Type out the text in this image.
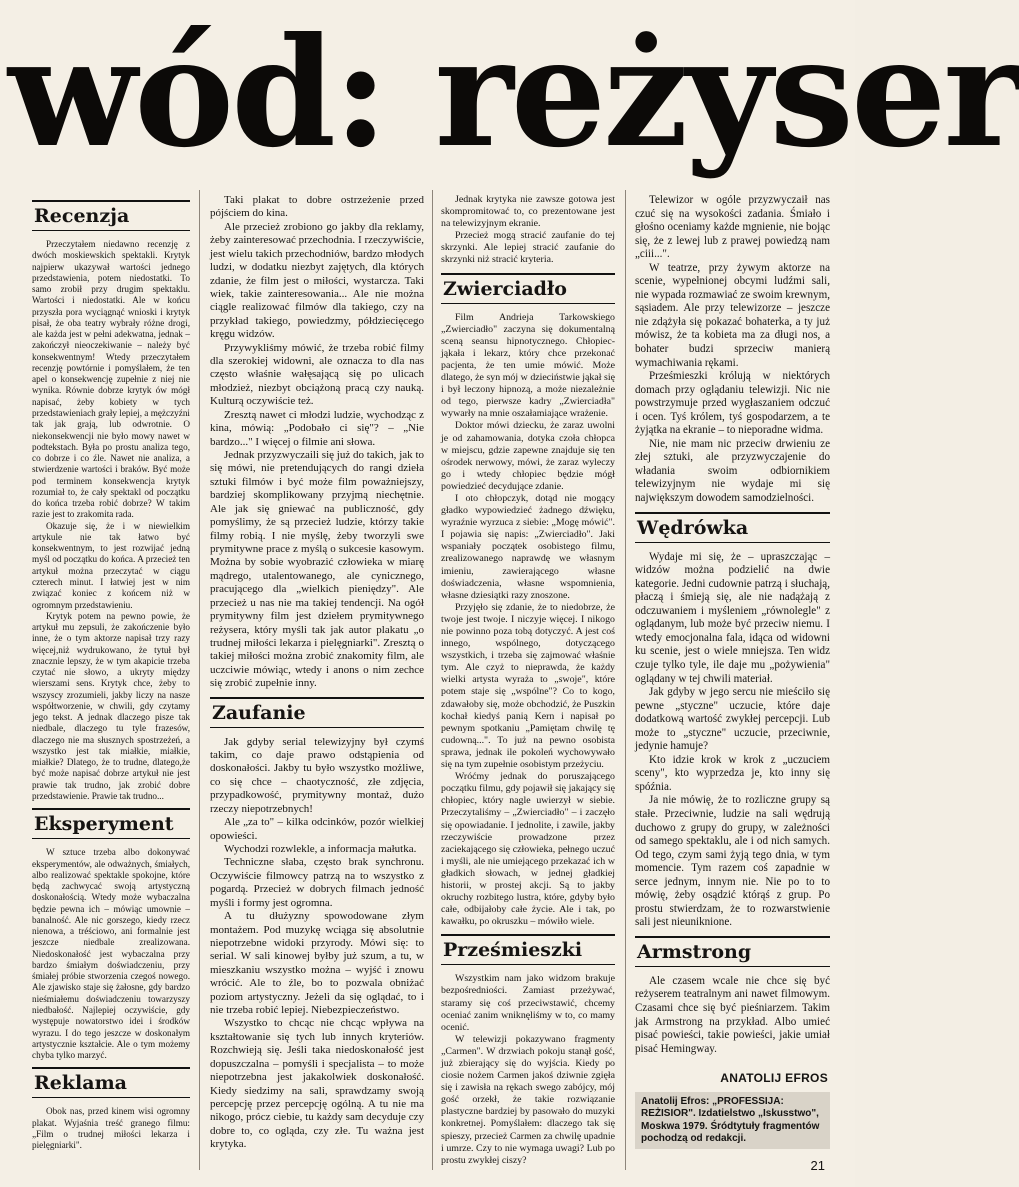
wód: reżyser
Recenzja

Przeczytałem niedawno recenzję z dwóch moskiewskich spektakli. Krytyk najpierw ukazywał wartości jednego przedstawienia, potem niedostatki. To samo zrobił przy drugim spektaklu. Wartości i niedostatki. Ale w końcu przyszła pora wyciągnąć wnioski i krytyk pisał, że oba teatry wybrały różne drogi, ale każda jest w pełni adekwatna, jednak – zakończył nieoczekiwanie – należy być konsekwentnym! Wtedy przeczytałem recenzję powtórnie i pomyślałem, że ten apel o konsekwencję zupełnie z niej nie wynika. Równie dobrze krytyk ów mógł napisać, żeby kobiety w tych przedstawieniach grały lepiej, a mężczyźni tak jak grają, lub odwrotnie. O niekonsekwencji nie było mowy nawet w podtekstach. Była po prostu analiza tego, co dobrze i co źle. Nawet nie analiza, a stwierdzenie wartości i braków. Być może pod terminem konsekwencja krytyk rozumiał to, że cały spektakl od początku do końca trzeba robić dobrze? W takim razie jest to zrakomita rada.

Okazuje się, że i w niewielkim artykule nie tak łatwo być konsekwentnym, to jest rozwijać jedną myśl od początku do końca. A przecież ten artykuł można przeczytać w ciągu czterech minut. I łatwiej jest w nim związać koniec z końcem niż w ogromnym przedstawieniu.

Krytyk potem na pewno powie, że artykuł mu zepsuli, że zakończenie było inne, że o tym aktorze napisał trzy razy więcej,niż wydrukowano, że tytuł był znacznie lepszy, że w tym akapicie trzeba czytać nie słowo, a ukryty między wierszami sens. Krytyk chce, żeby to wszyscy zrozumieli, jakby liczy na nasze współtworzenie, w chwili, gdy czytamy jego tekst. A jednak dlaczego pisze tak niedbale, dlaczego tu tyle frazesów, dlaczego nie ma słusznych spostrzeżeń, a wszystko jest tak miałkie, miałkie, miałkie? Dlatego, że to trudne, dlatego,że być może napisać dobrze artykuł nie jest prawie tak trudno, jak zrobić dobre przedstawienie. Prawie tak trudno...

Eksperyment

W sztuce trzeba albo dokonywać eksperymentów, ale odważnych, śmiałych, albo realizować spektakle spokojne, które będą zachwycać swoją artystyczną doskonałością. Wtedy może wybaczalna będzie pewna ich – mówiąc umownie – banalność. Ale nic gorszego, kiedy rzecz nienowa, a tréściowo, ani formalnie jest jeszcze niedbale zrealizowana. Niedoskonałość jest wybaczalna przy bardzo śmiałym doświadczeniu, przy śmiałej próbie stworzenia czegoś nowego. Ale zjawisko staje się żałosne, gdy bardzo nieśmiałemu doświadczeniu towarzyszy niedbałość. Najlepiej oczywiście, gdy występuje nowatorstwo idei i środków wyrazu. I do tego jeszcze w doskonałym artystycznie kształcie. Ale o tym możemy chyba tylko marzyć.

Reklama

Obok nas, przed kinem wisi ogromny plakat. Wyjaśnia treść granego filmu: „Film o trudnej miłości lekarza i pielęgniarki".

Taki plakat to dobre ostrzeżenie przed pójściem do kina.

Ale przecież zrobiono go jakby dla reklamy, żeby zainteresować przechodnia. I rzeczywiście, jest wielu takich przechodniów, bardzo młodych ludzi, w dodatku niezbyt zajętych, dla których zdanie, że film jest o miłości, wystarcza. Taki wiek, takie zainteresowania... Ale nie można ciągle realizować filmów dla takiego, czy na przykład takiego, powiedzmy, półdziecięcego kręgu widzów.

Przywykliśmy mówić, że trzeba robić filmy dla szerokiej widowni, ale oznacza to dla nas często właśnie wałęsającą się po ulicach młodzież, niezbyt obciążoną pracą czy nauką. Kulturą oczywiście też.

Zresztą nawet ci młodzi ludzie, wychodząc z kina, mówią: „Podobało ci się"? – „Nie bardzo..." I więcej o filmie ani słowa.

Jednak przyzwyczaili się już do takich, jak to się mówi, nie pretendujących do rangi dzieła sztuki filmów i być może film poważniejszy, bardziej skomplikowany przyjmą niechętnie. Ale jak się gniewać na publiczność, gdy pomyślimy, że są przecież ludzie, którzy takie filmy robią. I nie myślę, żeby tworzyli swe prymitywne prace z myślą o sukcesie kasowym. Można by sobie wyobrazić człowieka w miarę mądrego, utalentowanego, ale cynicznego, pracującego dla „wielkich pieniędzy". Ale przecież u nas nie ma takiej tendencji. Na ogół prymitywny film jest dziełem prymitywnego reżysera, który myśli tak jak autor plakatu „o trudnej miłości lekarza i pielęgniarki". Zresztą o takiej miłości można zrobić znakomity film, ale uczciwie mówiąc, wtedy i anons o nim zechce się zrobić zupełnie inny.

Zaufanie

Jak gdyby serial telewizyjny był czymś takim, co daje prawo odstąpienia od doskonałości. Jakby tu było wszystko możliwe, co się chce – chaotyczność, złe zdjęcia, przypadkowość, prymitywny montaż, dużo rzeczy niepotrzebnych!

Ale „za to" – kilka odcinków, pozór wielkiej opowieści.

Wychodzi rozwlekle, a informacja małutka.

Techniczne słaba, często brak synchronu. Oczywiście filmowcy patrzą na to wszystko z pogardą. Przecież w dobrych filmach jedność myśli i formy jest ogromna.

A tu dłużyzny spowodowane złym montażem. Pod muzykę wciąga się absolutnie niepotrzebne widoki przyrody. Mówi się: to serial. W sali kinowej byłby już szum, a tu, w mieszkaniu wszystko można – wyjść i znowu wrócić. Ale to źle, bo to pozwala obniżać poziom artystyczny. Jeżeli da się oglądać, to i nie trzeba robić lepiej. Niebezpieczeństwo.

Wszystko to chcąc nie chcąc wpływa na kształtowanie się tych lub innych kryteriów. Rozchwieją się. Jeśli taka niedoskonałość jest dopuszczalna – pomyśli i specjalista – to może niepotrzebna jest jakakolwiek doskonałość. Kiedy siedzimy na sali, sprawdzamy swoją percepcję przez percepcję ogólną. A tu nie ma nikogo, prócz ciebie, tu każdy sam decyduje czy dobre to, co ogląda, czy złe. Tu ważna jest krytyka.

Jednak krytyka nie zawsze gotowa jest skompromitować to, co prezentowane jest na telewizyjnym ekranie.

Przecież mogą stracić zaufanie do tej skrzynki. Ale lepiej stracić zaufanie do skrzynki niż stracić kryteria.

Zwierciadło

Film Andrieja Tarkowskiego „Zwierciadło" zaczyna się dokumentalną sceną seansu hipnotycznego. Chłopiec-jąkała i lekarz, który chce przekonać pacjenta, że ten umie mówić. Może dlatego, że syn mój w dzieciństwie jąkał się i był leczony hipnozą, a może niezależnie od tego, pierwsze kadry „Zwierciadła" wywarły na mnie oszałamiające wrażenie.

Doktor mówi dziecku, że zaraz uwolni je od zahamowania, dotyka czoła chłopca w miejscu, gdzie zapewne znajduje się ten ośrodek nerwowy, mówi, że zaraz wyleczy go i wtedy chłopiec będzie mógł powiedzieć decydujące zdanie.

I oto chłopczyk, dotąd nie mogący gładko wypowiedzieć żadnego dźwięku, wyraźnie wyrzuca z siebie: „Mogę mówić". I pojawia się napis: „Zwierciadło". Jaki wspaniały początek osobistego filmu, zrealizowanego naprawdę we własnym imieniu, zawierającego własne doświadczenia, własne wspomnienia, własne dziesiątki razy znoszone.

Przyjęło się zdanie, że to niedobrze, że twoje jest twoje. I niczyje więcej. I nikogo nie powinno poza tobą dotyczyć. A jest coś innego, wspólnego, dotyczącego wszystkich, i trzeba się zajmować właśnie tym. Ale czyż to nieprawda, że każdy wielki artysta wyraża to „swoje", które potem staje się „wspólne"? Co to kogo, zdawałoby się, może obchodzić, że Puszkin kochał kiedyś panią Kern i napisał po pewnym spotkaniu „Pamiętam chwilę tę cudowną...". To już na pewno osobista sprawa, jednak ile pokoleń wychowywało się na tym zupełnie osobistym przeżyciu.

Wróćmy jednak do poruszającego początku filmu, gdy pojawił się jakający się chłopiec, który nagle uwierzył w siebie. Przeczytaliśmy – „Zwierciadło" – i zaczęło się opowiadanie. I jednolite, i zawile, jakby rzeczywiście prowadzone przez zaciekającego się człowieka, pełnego uczuć i myśli, ale nie umiejącego przekazać ich w gładkich słowach, w jednej gładkiej historii, w prostej akcji. Są to jakby okruchy rozbitego lustra, które, gdyby było całe, odbijałoby całe życie. Ale i tak, po kawałku, po okruszku – mówiło wiele.

Prześmieszki

Wszystkim nam jako widzom brakuje bezpośredniości. Zamiast przeżywać, staramy się coś przeciwstawić, chcemy oceniać zanim wniknęliśmy w to, co mamy ocenić.

W telewizji pokazywano fragmenty „Carmen". W drzwiach pokoju stanął gość, już zbierający się do wyjścia. Kiedy po ciosie nożem Carmen jakoś dziwnie zgięła się i zawisła na rękach swego zabójcy, mój gość orzekł, że takie rozwiązanie plastyczne bardziej by pasowało do muzyki konkretnej. Pomyślałem: dlaczego tak się spieszy, przecież Carmen za chwilę upadnie i umrze. Czy to nie wymaga uwagi? Lub po prostu zwykłej ciszy?

Telewizor w ogóle przyzwyczaił nas czuć się na wysokości zadania. Śmiało i głośno oceniamy każde mgnienie, nie bojąc się, że z lewej lub z prawej powiedzą nam „ciii...".

W teatrze, przy żywym aktorze na scenie, wypełnionej obcymi ludźmi sali, nie wypada rozmawiać ze swoim krewnym, sąsiadem. Ale przy telewizorze – jeszcze nie zdążyła się pokazać bohaterka, a ty już mówisz, że ta kobieta ma za długi nos, a bohater budzi sprzeciw manierą wymachiwania rękami.

Prześmieszki królują w niektórych domach przy oglądaniu telewizji. Nic nie powstrzymuje przed wygłaszaniem odczuć i ocen. Tyś królem, tyś gospodarzem, a te żyjątka na ekranie – to nieporadne widma.

Nie, nie mam nic przeciw drwieniu ze złej sztuki, ale przyzwyczajenie do władania swoim odbiornikiem telewizyjnym nie wydaje mi się największym dowodem samodzielności.

Wędrówka

Wydaje mi się, że – upraszczając – widzów można podzielić na dwie kategorie. Jedni cudownie patrzą i słuchają, płaczą i śmieją się, ale nie nadążają z odczuwaniem i myśleniem „równolegle" z oglądanym, lub może być przeciw niemu. I wtedy emocjonalna fala, idąca od widowni ku scenie, jest o wiele mniejsza. Ten widz czuje tylko tyle, ile daje mu „pożywienia" oglądany w tej chwili materiał.

Jak gdyby w jego sercu nie mieściło się pewne „styczne" uczucie, które daje dodatkową wartość zwykłej percepcji. Lub może to „styczne" uczucie, przeciwnie, jedynie hamuje?

Kto idzie krok w krok z „uczuciem sceny", kto wyprzedza je, kto inny się spóźnia.

Ja nie mówię, że to rozliczne grupy są stałe. Przeciwnie, ludzie na sali wędrują duchowo z grupy do grupy, w zależności od samego spektaklu, ale i od nich samych. Od tego, czym sami żyją tego dnia, w tym momencie. Tym razem coś zapadnie w serce jednym, innym nie. Nie po to to mówię, żeby osądzić którąś z grup. Po prostu stwierdzam, że to rozwarstwienie sali jest nieuniknione.

Armstrong

Ale czasem wcale nie chce się być reżyserem teatralnym ani nawet filmowym. Czasami chce się być pieśniarzem. Takim jak Armstrong na przykład. Albo umieć pisać powieści, takie powieści, jakie umiał pisać Hemingway.

ANATOLIJ EFROS
Anatolij Efros: „PROFESSIJA: REŻISIOR". Izdatielstwo „Iskusstwo", Moskwa 1979. Śródtytuły fragmentów pochodzą od redakcji.
21
